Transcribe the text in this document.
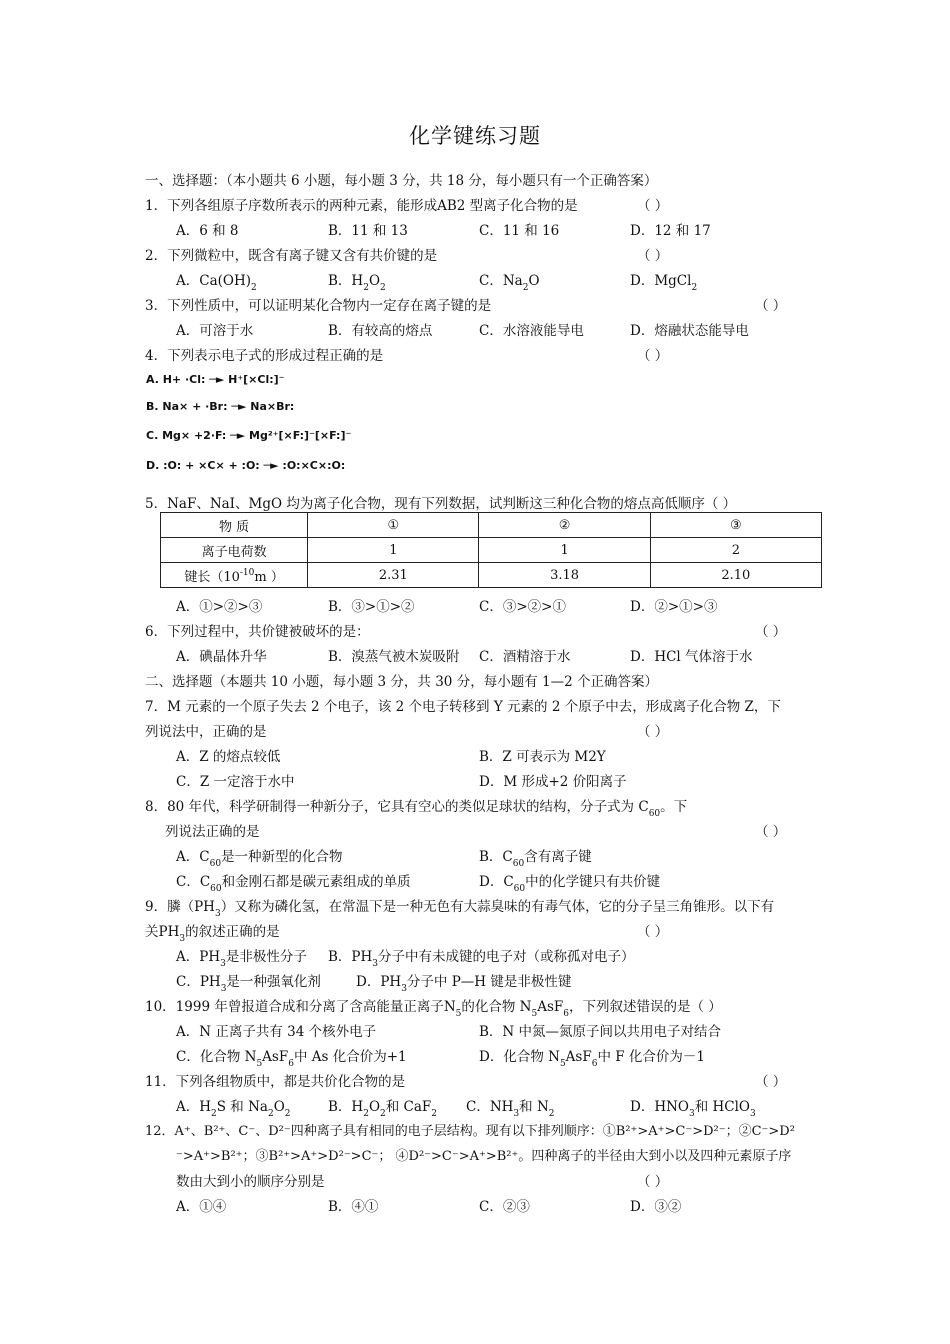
化学键练习题
一、选择题：（本小题共 6 小题，每小题 3 分，共 18 分，每小题只有一个正确答案）
1．下列各组原子序数所表示的两种元素，能形成AB2 型离子化合物的是	（ ）
A．6 和 8	B．11 和 13	C．11 和 16	D．12 和 17
2．下列微粒中，既含有离子键又含有共价键的是	（ ）
A．$Ca(OH)_2$	B．$H_2O_2$	C．$Na_2O$	D．MgCl$_2$
3．下列性质中，可以证明某化合物内一定存在离子键的是	（ ）
A．可溶于水	B．有较高的熔点	C．水溶液能导电	D．熔融状态能导电
4．下列表示电子式的形成过程正确的是	（ ）
A. H+ ·Cl: ─► H⁺[×Cl:]⁻
B. Na× + ·Br: ─► Na×Br:
C. Mg× +2·F: ─► Mg²⁺[×F:]⁻[×F:]⁻
D. :O: + ×C× + :O: ─► :O:×C×:O:
5．NaF、NaI、MgO 均为离子化合物，现有下列数据，试判断这三种化合物的熔点高低顺序（ ）
物 质	①	②	③
离子电荷数	1	1	2
键长（$10^{-10}m$ ）	2.31	3.18	2.10
A．①>②>③	B．③>①>②	C．③>②>①	D．②>①>③
6．下列过程中，共价键被破坏的是：	（ ）
A．碘晶体升华	B．溴蒸气被木炭吸附 C．酒精溶于水	D．HCl 气体溶于水
二、选择题（本题共 10 小题，每小题 3 分，共 30 分，每小题有 1—2 个正确答案）
7．M 元素的一个原子失去 2 个电子，该 2 个电子转移到 Y 元素的 2 个原子中去，形成离子化合物 Z，下
列说法中，正确的是	（ ）
A．Z 的熔点较低	B．Z 可表示为 M2Y
C．Z 一定溶于水中	D．M 形成+2 价阳离子
8．80 年代，科学研制得一种新分子，它具有空心的类似足球状的结构，分子式为 $C_{60}$。下
列说法正确的是	（ ）
A．$C_{60}$是一种新型的化合物	B．$C_{60}$含有离子键
C．$C_{60}$和金刚石都是碳元素组成的单质	D．$C_{60}$中的化学键只有共价键
9．膦$(PH_3)$又称为磷化氢，在常温下是一种无色有大蒜臭味的有毒气体，它的分子呈三角锥形。以下有
关$PH_3$的叙述正确的是	（ ）
A．$PH_3$是非极性分子 B．$PH_3$分子中有未成键的电子对（或称孤对电子）
C．$PH_3$是一种强氧化剂	D．$PH_3$分子中 P—H 键是非极性键
10．1999 年曾报道合成和分离了含高能量正离子$N_5$的化合物 $N_5AsF_6$，下列叙述错误的是（ ）
A．N 正离子共有 34 个核外电子	B．N 中氮—氮原子间以共用电子对结合
C．化合物 $N_5AsF_6$中 As 化合价为+1	D．化合物 $N_5AsF_6$中 F 化合价为－1
11．下列各组物质中，都是共价化合物的是	（ ）
A．$H_2S$ 和 $Na_2O_2$	B．$H_2O_2$和 CaF$_2$ C．$NH_3$和 $N_2$	D．$HNO_3$和 HClO$_3$
12．A⁺、B²⁺、C⁻、D²⁻四种离子具有相同的电子层结构。现有以下排列顺序：①B²⁺>A⁺>C⁻>D²⁻；②C⁻>D²
⁻>A⁺>B²⁺；③B²⁺>A⁺>D²⁻>C⁻； ④D²⁻>C⁻>A⁺>B²⁺。四种离子的半径由大到小以及四种元素原子序
数由大到小的顺序分别是	（ ）
A．①④	B．④①	C．②③	D．③②
